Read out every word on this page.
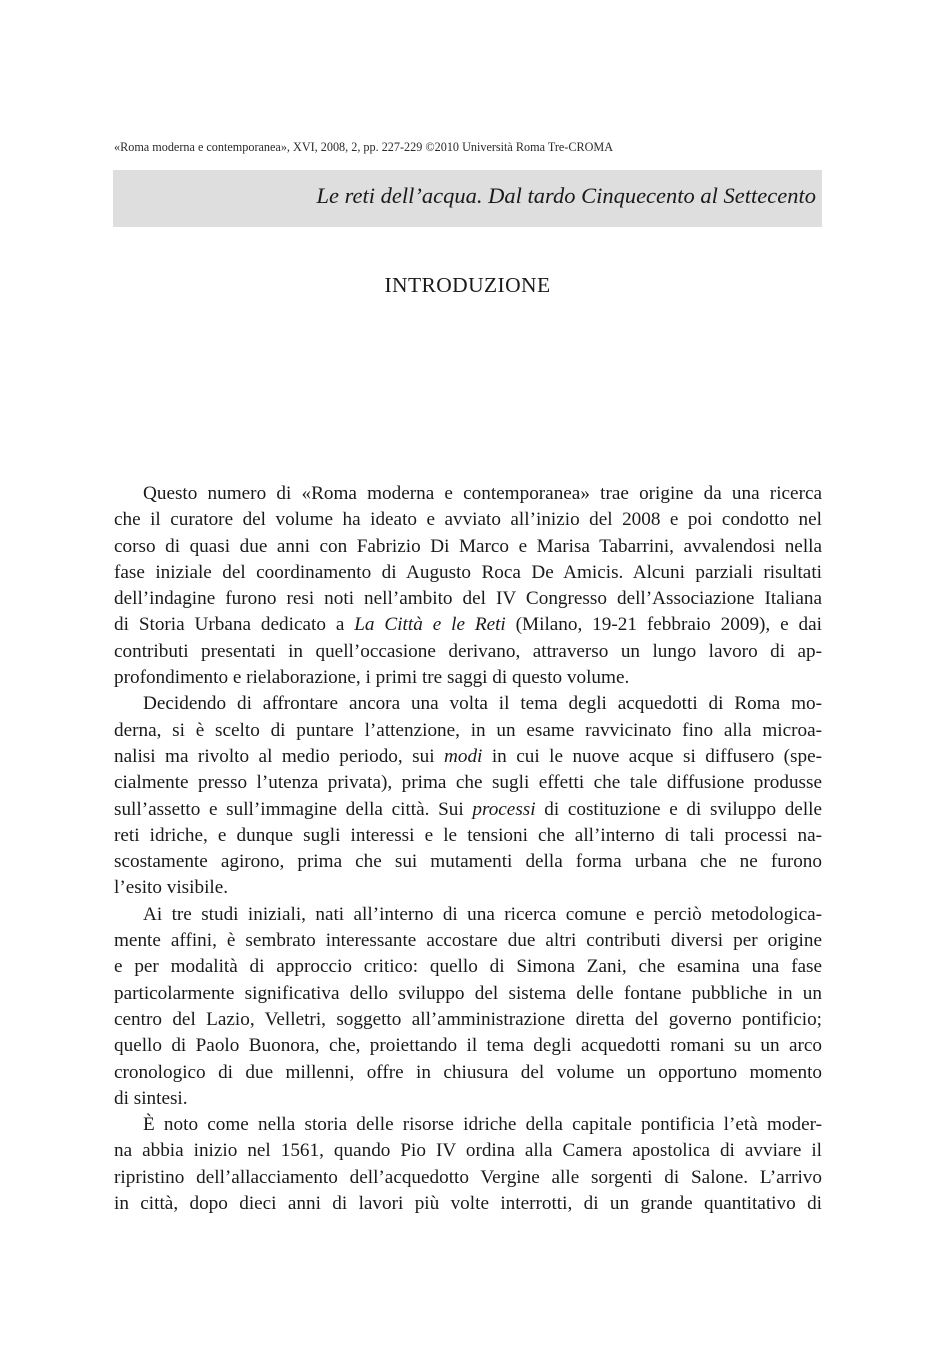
«Roma moderna e contemporanea», XVI, 2008, 2, pp. 227-229 ©2010 Università Roma Tre-CROMA
Le reti dell’acqua. Dal tardo Cinquecento al Settecento
INTRODUZIONE
Questo numero di «Roma moderna e contemporanea» trae origine da una ricerca
che il curatore del volume ha ideato e avviato all’inizio del 2008 e poi condotto nel
corso di quasi due anni con Fabrizio Di Marco e Marisa Tabarrini, avvalendosi nella
fase iniziale del coordinamento di Augusto Roca De Amicis. Alcuni parziali risultati
dell’indagine furono resi noti nell’ambito del IV Congresso dell’Associazione Italiana
di Storia Urbana dedicato a La Città e le Reti (Milano, 19-21 febbraio 2009), e dai
contributi presentati in quell’occasione derivano, attraverso un lungo lavoro di ap-
profondimento e rielaborazione, i primi tre saggi di questo volume.
Decidendo di affrontare ancora una volta il tema degli acquedotti di Roma mo-
derna, si è scelto di puntare l’attenzione, in un esame ravvicinato fino alla microa-
nalisi ma rivolto al medio periodo, sui modi in cui le nuove acque si diffusero (spe-
cialmente presso l’utenza privata), prima che sugli effetti che tale diffusione produsse
sull’assetto e sull’immagine della città. Sui processi di costituzione e di sviluppo delle
reti idriche, e dunque sugli interessi e le tensioni che all’interno di tali processi na-
scostamente agirono, prima che sui mutamenti della forma urbana che ne furono
l’esito visibile.
Ai tre studi iniziali, nati all’interno di una ricerca comune e perciò metodologica-
mente affini, è sembrato interessante accostare due altri contributi diversi per origine
e per modalità di approccio critico: quello di Simona Zani, che esamina una fase
particolarmente significativa dello sviluppo del sistema delle fontane pubbliche in un
centro del Lazio, Velletri, soggetto all’amministrazione diretta del governo pontificio;
quello di Paolo Buonora, che, proiettando il tema degli acquedotti romani su un arco
cronologico di due millenni, offre in chiusura del volume un opportuno momento
di sintesi.
È noto come nella storia delle risorse idriche della capitale pontificia l’età moder-
na abbia inizio nel 1561, quando Pio IV ordina alla Camera apostolica di avviare il
ripristino dell’allacciamento dell’acquedotto Vergine alle sorgenti di Salone. L’arrivo
in città, dopo dieci anni di lavori più volte interrotti, di un grande quantitativo di
